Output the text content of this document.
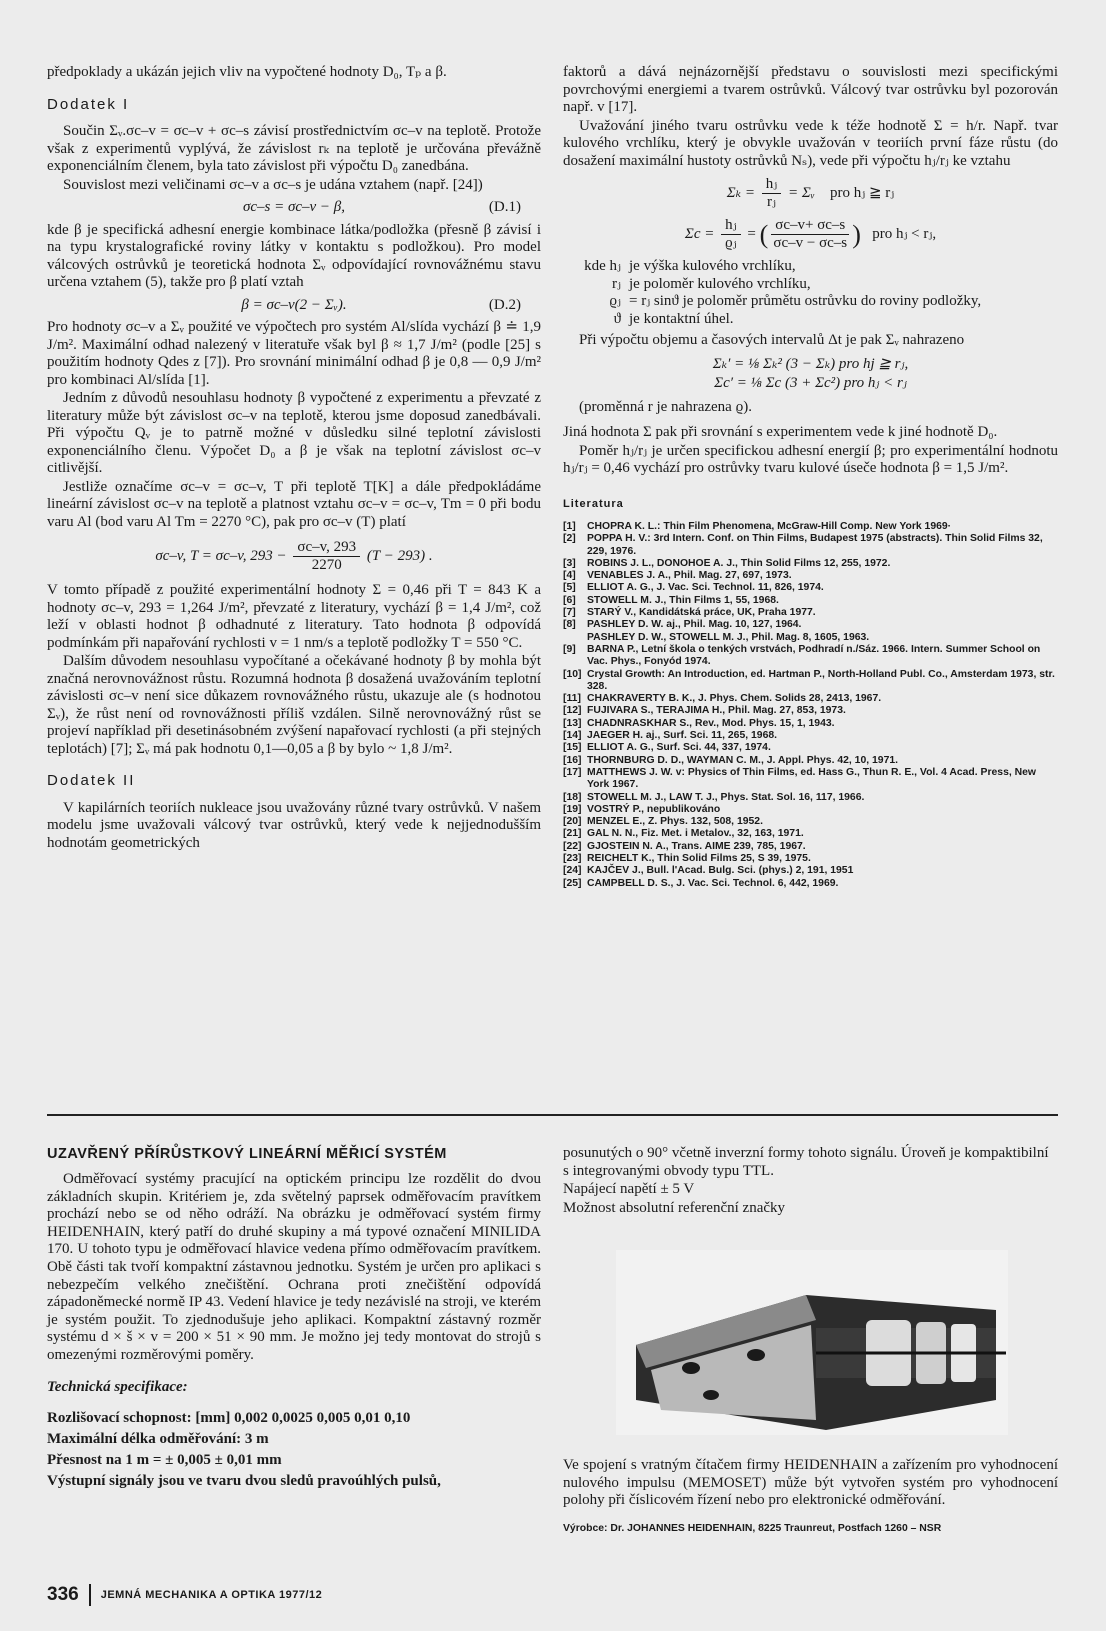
předpoklady a ukázán jejich vliv na vypočtené hodnoty D₀, Tₚ a β.

Dodatek I

Součin Σᵥ.σc–v = σc–v + σc–s závisí prostřednictvím σc–v na teplotě. Protože však z experimentů vyplývá, že závislost rₖ na teplotě je určována převážně exponenciálním členem, byla tato závislost při výpočtu D₀ zanedbána.

Souvislost mezi veličinami σc–v a σc–s je udána vztahem (např. [24])

σc–s = σc–v − β,	(D.1)

kde β je specifická adhesní energie kombinace látka/podložka (přesně β závisí i na typu krystalografické roviny látky v kontaktu s podložkou). Pro model válcových ostrůvků je teoretická hodnota Σᵥ odpovídající rovnovážnému stavu určena vztahem (5), takže pro β platí vztah

β = σc–v(2 − Σᵥ).	(D.2)

Pro hodnoty σc–v a Σᵥ použité ve výpočtech pro systém Al/slída vychází β ≐ 1,9 J/m². Maximální odhad nalezený v literatuře však byl β ≈ 1,7 J/m² (podle [25] s použitím hodnoty Qdes z [7]). Pro srovnání minimální odhad β je 0,8 — 0,9 J/m² pro kombinaci Al/slída [1].

Jedním z důvodů nesouhlasu hodnoty β vypočtené z experimentu a převzaté z literatury může být závislost σc–v na teplotě, kterou jsme doposud zanedbávali. Při výpočtu Qᵥ je to patrně možné v důsledku silné teplotní závislosti exponenciálního členu. Výpočet D₀ a β je však na teplotní závislost σc–v citlivější.

Jestliže označíme σc–v = σc–v, T při teplotě T[K] a dále předpokládáme lineární závislost σc–v na teplotě a platnost vztahu σc–v = σc–v, Tm = 0 při bodu varu Al (bod varu Al Tm = 2270 °C), pak pro σc–v (T) platí

σc–v, T = σc–v, $293 - \frac{\sigma c-v, 293}{2270} (T - 293)$ .

V tomto případě z použité experimentální hodnoty Σ = 0,46 při T = 843 K a hodnoty σc–v, 293 = 1,264 J/m², převzaté z literatury, vychází β = 1,4 J/m², což leží v oblasti hodnot β odhadnuté z literatury. Tato hodnota β odpovídá podmínkám při napařování rychlosti v = 1 nm/s a teplotě podložky T = 550 °C.

Dalším důvodem nesouhlasu vypočítané a očekávané hodnoty β by mohla být značná nerovnovážnost růstu. Rozumná hodnota β dosažená uvažováním teplotní závislosti σc–v není sice důkazem rovnovážného růstu, ukazuje ale (s hodnotou Σᵥ), že růst není od rovnovážnosti příliš vzdálen. Silně nerovnovážný růst se projeví například při desetinásobném zvýšení napařovací rychlosti (a při stejných teplotách) [7]; Σᵥ má pak hodnotu 0,1—0,05 a β by bylo ~ 1,8 J/m².

Dodatek II

V kapilárních teoriích nukleace jsou uvažovány různé tvary ostrůvků. V našem modelu jsme uvažovali válcový tvar ostrůvků, který vede k nejjednodušším hodnotám geometrických

faktorů a dává nejnázornější představu o souvislosti mezi specifickými povrchovými energiemi a tvarem ostrůvků. Válcový tvar ostrůvku byl pozorován např. v [17].

Uvažování jiného tvaru ostrůvku vede k téže hodnotě Σ = h/r. Např. tvar kulového vrchlíku, který je obvykle uvažován v teoriích první fáze růstu (do dosažení maximální hustoty ostrůvků Nₛ), vede při výpočtu hⱼ/rⱼ ke vztahu

$\Sigma_k = \frac{\text{hⱼ}}{\text{rⱼ}}$ = Σᵥ pro hⱼ ≧ rⱼ
$\Sigma c = \frac{\text{hⱼ}}{\text{ϱⱼ}}$ = ( $\frac{\sigma c-v+ \sigma c-s}{\sigma c-v - \sigma c-s}$ ) pro hⱼ < rⱼ,
kde hⱼ je výška kulového vrchlíku,
rⱼ je poloměr kulového vrchlíku,
ϱⱼ = rⱼ sinϑ je poloměr průmětu ostrůvku do roviny podložky,
ϑ je kontaktní úhel.

Při výpočtu objemu a časových intervalů Δt je pak Σᵥ nahrazeno

Σₖ′ = ⅛ Σₖ² (3 − Σₖ) pro hj ≧ rⱼ,
Σc′ = ⅛ Σc (3 + Σc²) pro hⱼ < rⱼ

(proměnná r je nahrazena ϱ).

Jiná hodnota Σ pak při srovnání s experimentem vede k jiné hodnotě D₀.

Poměr hⱼ/rⱼ je určen specifickou adhesní energií β; pro experimentální hodnotu hⱼ/rⱼ = 0,46 vychází pro ostrůvky tvaru kulové úseče hodnota β = 1,5 J/m².

Literatura
[1]	CHOPRA K. L.: Thin Film Phenomena, McGraw-Hill Comp. New York 1969·
[2]	POPPA H. V.: 3rd Intern. Conf. on Thin Films, Budapest 1975 (abstracts). Thin Solid Films 32, 229, 1976.
[3]	ROBINS J. L., DONOHOE A. J., Thin Solid Films 12, 255, 1972.
[4]	VENABLES J. A., Phil. Mag. 27, 697, 1973.
[5]	ELLIOT A. G., J. Vac. Sci. Technol. 11, 826, 1974.
[6]	STOWELL M. J., Thin Films 1, 55, 1968.
[7]	STARÝ V., Kandidátská práce, UK, Praha 1977.
[8]	PASHLEY D. W. aj., Phil. Mag. 10, 127, 1964.
PASHLEY D. W., STOWELL M. J., Phil. Mag. 8, 1605, 1963.
[9]	BARNA P., Letní škola o tenkých vrstvách, Podhradí n./Sáz. 1966. Intern. Summer School on Vac. Phys., Fonyód 1974.
[10] Crystal Growth: An Introduction, ed. Hartman P., North-Holland Publ. Co., Amsterdam 1973, str. 328.
[11] CHAKRAVERTY B. K., J. Phys. Chem. Solids 28, 2413, 1967.
[12] FUJIVARA S., TERAJIMA H., Phil. Mag. 27, 853, 1973.
[13] CHADNRASKHAR S., Rev., Mod. Phys. 15, 1, 1943.
[14] JAEGER H. aj., Surf. Sci. 11, 265, 1968.
[15] ELLIOT A. G., Surf. Sci. 44, 337, 1974.
[16] THORNBURG D. D., WAYMAN C. M., J. Appl. Phys. 42, 10, 1971.
[17] MATTHEWS J. W. v: Physics of Thin Films, ed. Hass G., Thun R. E., Vol. 4 Acad. Press, New York 1967.
[18] STOWELL M. J., LAW T. J., Phys. Stat. Sol. 16, 117, 1966.
[19] VOSTRÝ P., nepublikováno
[20] MENZEL E., Z. Phys. 132, 508, 1952.
[21] GAL N. N., Fiz. Met. i Metalov., 32, 163, 1971.
[22] GJOSTEIN N. A., Trans. AIME 239, 785, 1967.
[23] REICHELT K., Thin Solid Films 25, S 39, 1975.
[24] KAJČEV J., Bull. l'Acad. Bulg. Sci. (phys.) 2, 191, 1951
[25] CAMPBELL D. S., J. Vac. Sci. Technol. 6, 442, 1969.
UZAVŘENÝ PŘÍRŮSTKOVÝ LINEÁRNÍ MĚŘICÍ SYSTÉM

Odměřovací systémy pracující na optickém principu lze rozdělit do dvou základních skupin. Kritériem je, zda světelný paprsek odměřovacím pravítkem prochází nebo se od něho odráží. Na obrázku je odměřovací systém firmy HEIDENHAIN, který patří do druhé skupiny a má typové označení MINILIDA 170. U tohoto typu je odměřovací hlavice vedena přímo odměřovacím pravítkem. Obě části tak tvoří kompaktní zástavnou jednotku. Systém je určen pro aplikaci s nebezpečím velkého znečištění. Ochrana proti znečištění odpovídá západoněmecké normě IP 43. Vedení hlavice je tedy nezávislé na stroji, ve kterém je systém použit. To zjednodušuje jeho aplikaci. Kompaktní zástavný rozměr systému d × š × v = 200 × 51 × 90 mm. Je možno jej tedy montovat do strojů s omezenými rozměrovými poměry.

Technická specifikace:
Rozlišovací schopnost: [mm] 0,002 0,0025 0,005 0,01 0,10
Maximální délka odměřování: 3 m
Přesnost na 1 m = ± 0,005 ± 0,01 mm
Výstupní signály jsou ve tvaru dvou sledů pravoúhlých pulsů,

posunutých o 90° včetně inverzní formy tohoto signálu. Úroveň je kompaktibilní s integrovanými obvody typu TTL.

Napájecí napětí ± 5 V

Možnost absolutní referenční značky

Ve spojení s vratným čítačem firmy HEIDENHAIN a zařízením pro vyhodnocení nulového impulsu (MEMOSET) může být vytvořen systém pro vyhodnocení polohy při číslicovém řízení nebo pro elektronické odměřování.

Výrobce: Dr. JOHANNES HEIDENHAIN, 8225 Traunreut, Postfach 1260 – NSR
336 JEMNÁ MECHANIKA A OPTIKA 1977/12
